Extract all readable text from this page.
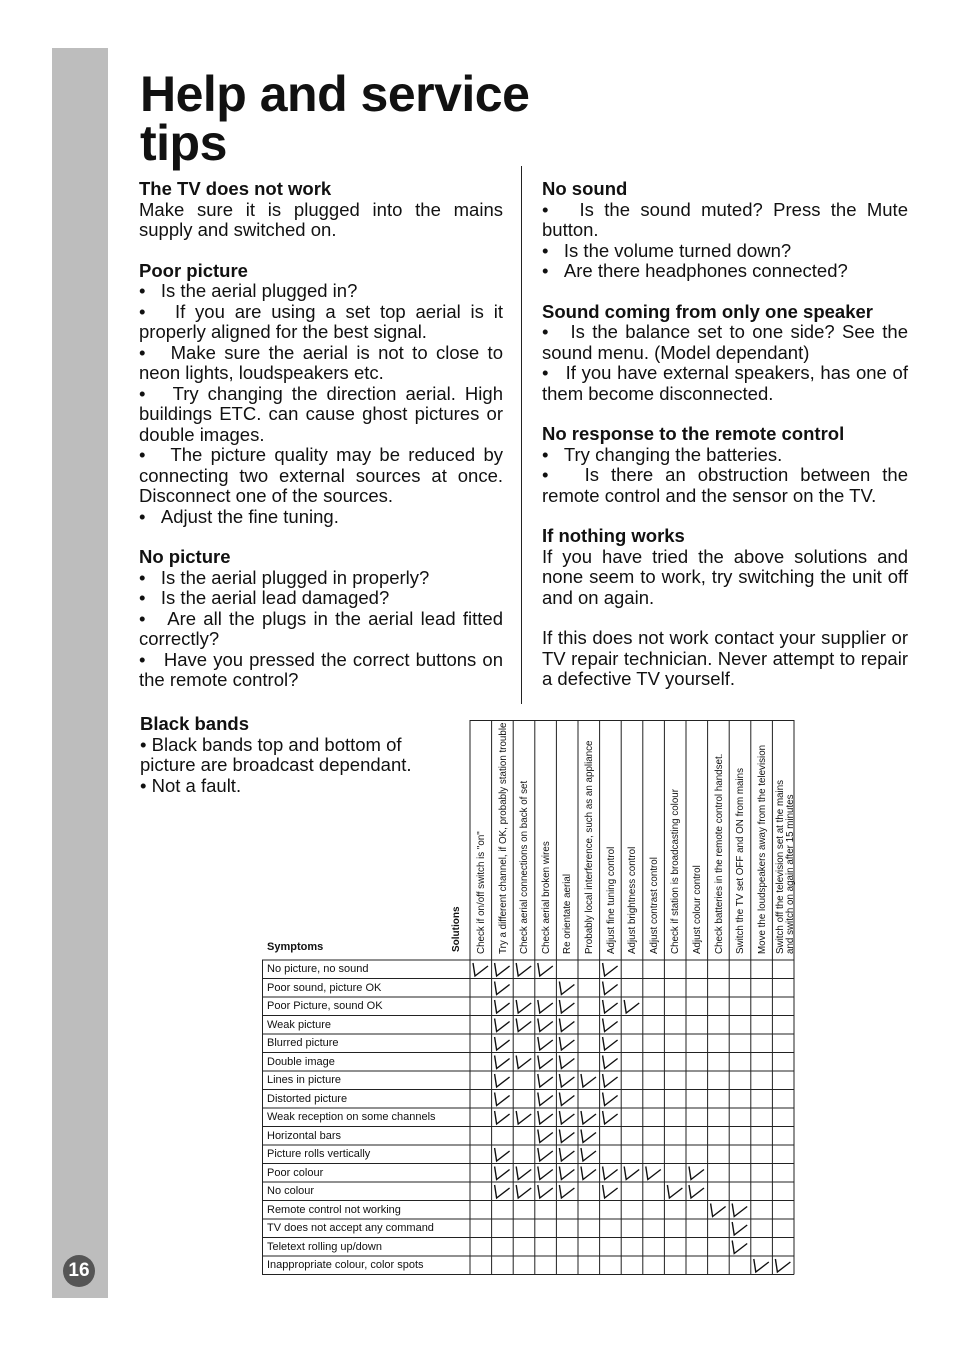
16
Help and service tips
The TV does not work

Make sure it is plugged into the mains supply and switched on.

Poor picture

•   Is the aerial plugged in?

•   If you are using a set top aerial is it properly aligned for the best signal.

•   Make sure the aerial is not to close to neon lights, loudspeakers etc.

•   Try changing the direction aerial. High buildings ETC. can cause ghost pictures or double images.

•   The picture quality may be reduced by connecting two external sources at once. Disconnect one of the sources.

•   Adjust the fine tuning.

No picture

•   Is the aerial plugged in properly?

•   Is the aerial lead damaged?

•   Are all the plugs in the aerial lead fitted correctly?

•   Have you pressed the correct buttons on the remote control?

No sound

•   Is the sound muted? Press the Mute button.

•   Is the volume turned down?

•   Are there headphones connected?

Sound coming from only one speaker

•   Is the balance set to one side? See the sound menu. (Model dependant)

•   If you have external speakers, has one of them become disconnected.

No response to the remote control

•   Try changing the batteries.

•   Is there an obstruction between the remote control and the sensor on the TV.

If nothing works

If you have tried the above solutions and none seem to work, try switching the unit off and on again.

If this does not work contact your supplier or TV repair technician. Never attempt to repair a defective TV yourself.

Black bands

• Black bands top and bottom of picture are broadcast dependant.

• Not a fault.

Solutions
Symptoms	Check if on/off switch is "on" Try a different channel, if OK, probably station trouble Check aerial connections on back of set Check aerial broken wires Re orientate aerial Probably local interference, such as an appliance Adjust fine tuning control Adjust brightness control Adjust contrast control Check if station is broadcasting colour Adjust colour control Check batteries in the remote control handset. Switch the TV set OFF and ON from mains Move the loudspeakers away from the television Switch off the television set at the mains and switch on again after 15 minutes
No picture, no sound
Poor sound, picture OK
Poor Picture, sound OK
Weak picture
Blurred picture
Double image
Lines in picture
Distorted picture
Weak reception on some channels
Horizontal bars
Picture rolls vertically
Poor colour
No colour
Remote control not working
TV does not accept any command
Teletext rolling up/down
Inappropriate colour, color spots
